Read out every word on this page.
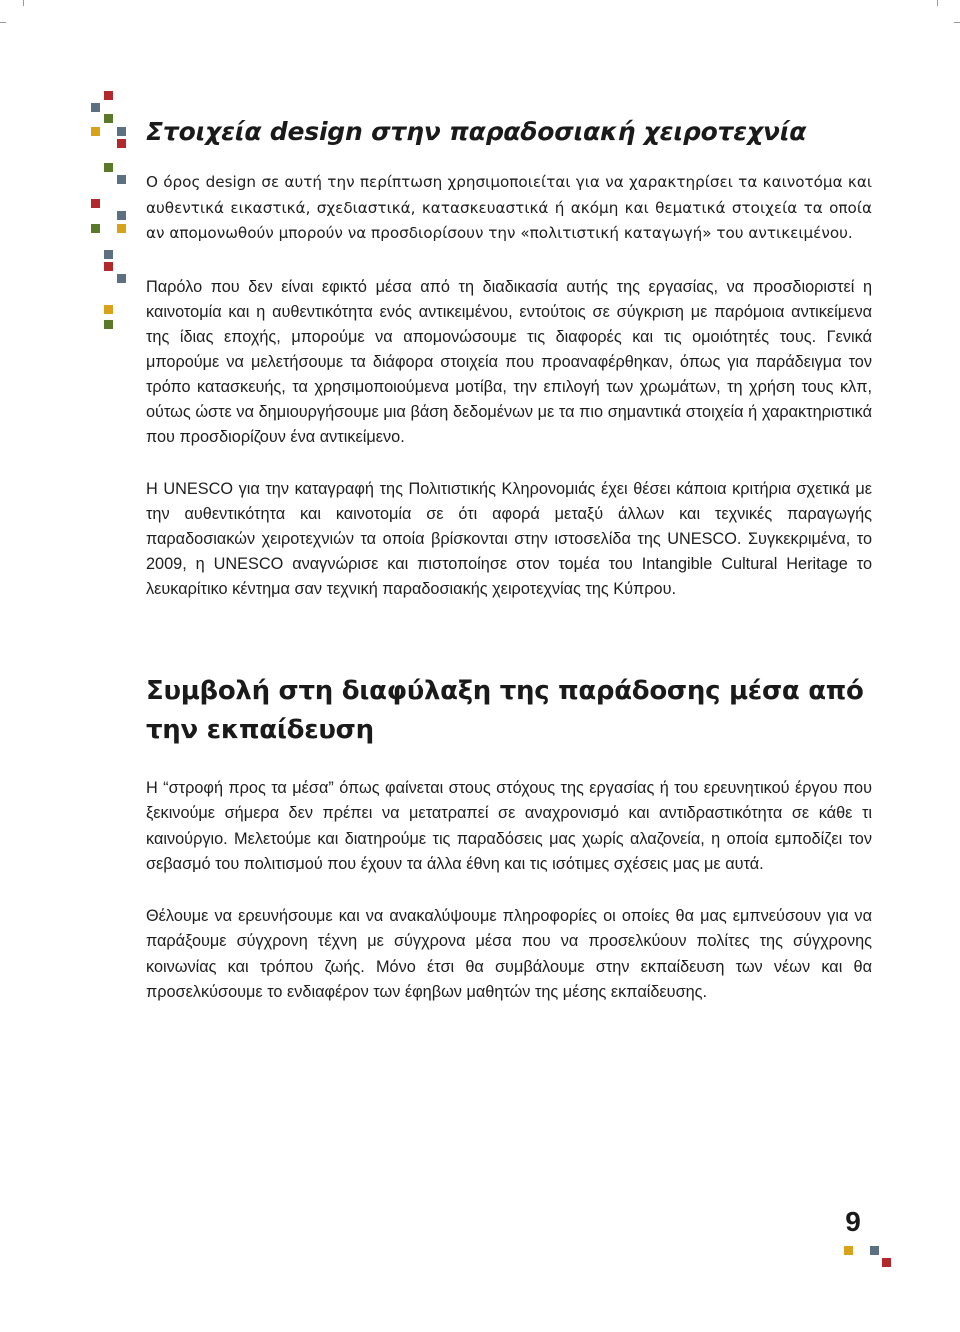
Στοιχεία design στην παραδοσιακή χειροτεχνία

Ο όρος design σε αυτή την περίπτωση χρησιμοποιείται για να χαρακτηρίσει τα καινοτόμα και αυθεντικά εικαστικά, σχεδιαστικά, κατασκευαστικά ή ακόμη και θεματικά στοιχεία τα οποία αν απομονωθούν μπορούν να προσδιορίσουν την «πολιτιστική καταγωγή» του αντικειμένου.

Παρόλο που δεν είναι εφικτό μέσα από τη διαδικασία αυτής της εργασίας, να προσδιοριστεί η καινοτομία και η αυθεντικότητα ενός αντικειμένου, εντούτοις σε σύγκριση με παρόμοια αντικείμενα της ίδιας εποχής, μπορούμε να απομονώσουμε τις διαφορές και τις ομοιότητές τους. Γενικά μπορούμε να μελετήσουμε τα διάφορα στοιχεία που προαναφέρθηκαν, όπως για παράδειγμα τον τρόπο κατασκευής, τα χρησιμοποιούμενα μοτίβα, την επιλογή των χρωμάτων, τη χρήση τους κλπ, ούτως ώστε να δημιουργήσουμε μια βάση δεδομένων με τα πιο σημαντικά στοιχεία ή χαρακτηριστικά που προσδιορίζουν ένα αντικείμενο.

Η UNESCO για την καταγραφή της Πολιτιστικής Κληρονομιάς έχει θέσει κάποια κριτήρια σχετικά με την αυθεντικότητα και καινοτομία σε ότι αφορά μεταξύ άλλων και τεχνικές παραγωγής παραδοσιακών χειροτεχνιών τα οποία βρίσκονται στην ιστοσελίδα της UNESCO. Συγκεκριμένα, το 2009, η UNESCO αναγνώρισε και πιστοποίησε στον τομέα του Intangible Cultural Heritage το λευκαρίτικο κέντημα σαν τεχνική παραδοσιακής χειροτεχνίας της Κύπρου.

Συμβολή στη διαφύλαξη της παράδοσης μέσα από την εκπαίδευση

Η “στροφή προς τα μέσα” όπως φαίνεται στους στόχους της εργασίας ή του ερευνητικού έργου που ξεκινούμε σήμερα δεν πρέπει να μετατραπεί σε αναχρονισμό και αντιδραστικότητα σε κάθε τι καινούργιο. Μελετούμε και διατηρούμε τις παραδόσεις μας χωρίς αλαζονεία, η οποία εμποδίζει τον σεβασμό του πολιτισμού που έχουν τα άλλα έθνη και τις ισότιμες σχέσεις μας με αυτά.

Θέλουμε να ερευνήσουμε και να ανακαλύψουμε πληροφορίες οι οποίες θα μας εμπνεύσουν για να παράξουμε σύγχρονη τέχνη με σύγχρονα μέσα που να προσελκύουν πολίτες της σύγχρονης κοινωνίας και τρόπου ζωής. Μόνο έτσι θα συμβάλουμε στην εκπαίδευση των νέων και θα προσελκύσουμε το ενδιαφέρον των έφηβων μαθητών της μέσης εκπαίδευσης.

9
